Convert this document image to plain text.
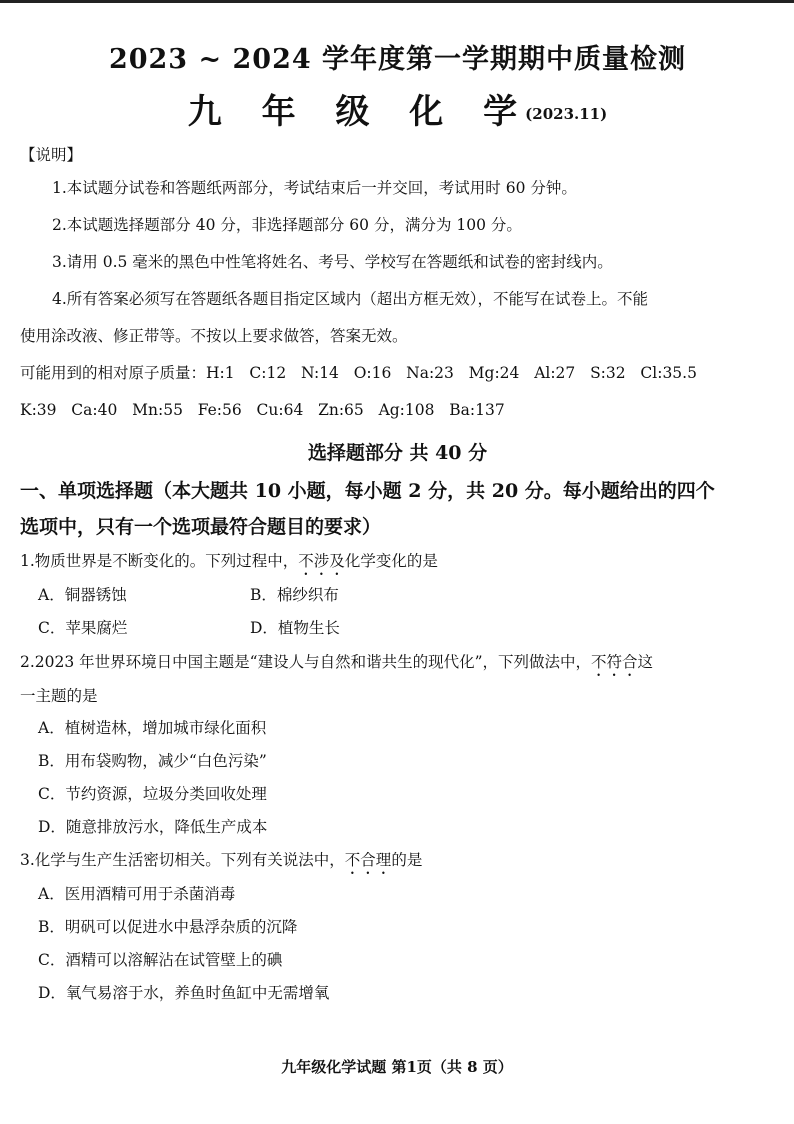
2023 ~ 2024 学年度第一学期期中质量检测
九 年 级 化 学(2023.11)

【说明】

1.本试题分试卷和答题纸两部分，考试结束后一并交回，考试用时 60 分钟。

2.本试题选择题部分 40 分，非选择题部分 60 分，满分为 100 分。

3.请用 0.5 毫米的黑色中性笔将姓名、考号、学校写在答题纸和试卷的密封线内。

4.所有答案必须写在答题纸各题目指定区域内（超出方框无效），不能写在试卷上。不能

使用涂改液、修正带等。不按以上要求做答，答案无效。

可能用到的相对原子质量：H:1   C:12   N:14   O:16   Na:23   Mg:24   Al:27   S:32   Cl:35.5

K:39   Ca:40   Mn:55   Fe:56   Cu:64   Zn:65   Ag:108   Ba:137

选择题部分 共 40 分

一、单项选择题（本大题共 10 小题，每小题 2 分，共 20 分。每小题给出的四个

选项中，只有一个选项最符合题目的要求）

1.物质世界是不断变化的。下列过程中，不涉及化学变化的是

A．铜器锈蚀	B．棉纱织布
C．苹果腐烂	D．植物生长

2.2023 年世界环境日中国主题是“建设人与自然和谐共生的现代化”，下列做法中，不符合这

一主题的是

A．植树造林，增加城市绿化面积
B．用布袋购物，减少“白色污染”
C．节约资源，垃圾分类回收处理
D．随意排放污水，降低生产成本

3.化学与生产生活密切相关。下列有关说法中，不合理的是

A．医用酒精可用于杀菌消毒
B．明矾可以促进水中悬浮杂质的沉降
C．酒精可以溶解沾在试管壁上的碘
D．氧气易溶于水，养鱼时鱼缸中无需增氧
九年级化学试题 第1页（共 8 页）
